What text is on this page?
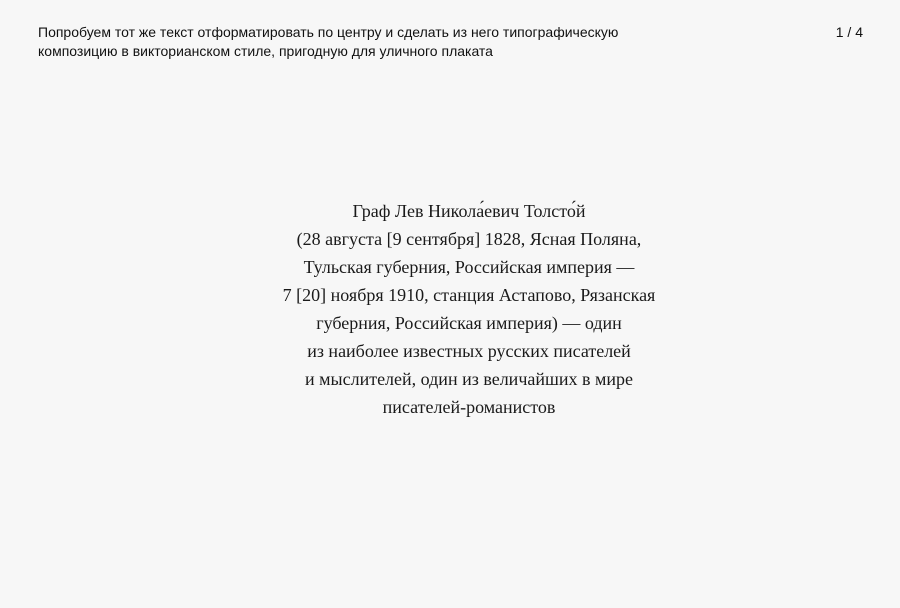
Попробуем тот же текст отформатировать по центру и сделать из него типографическую
композицию в викторианском стиле, пригодную для уличного плаката
1 / 4
Граф Лев Никола́евич Толсто́й
(28 августа [9 сентября] 1828, Ясная Поляна,
Тульская губерния, Российская империя —
7 [20] ноября 1910, станция Астапово, Рязанская
губерния, Российская империя) — один
из наиболее известных русских писателей
и мыслителей, один из величайших в мире
писателей-романистов
